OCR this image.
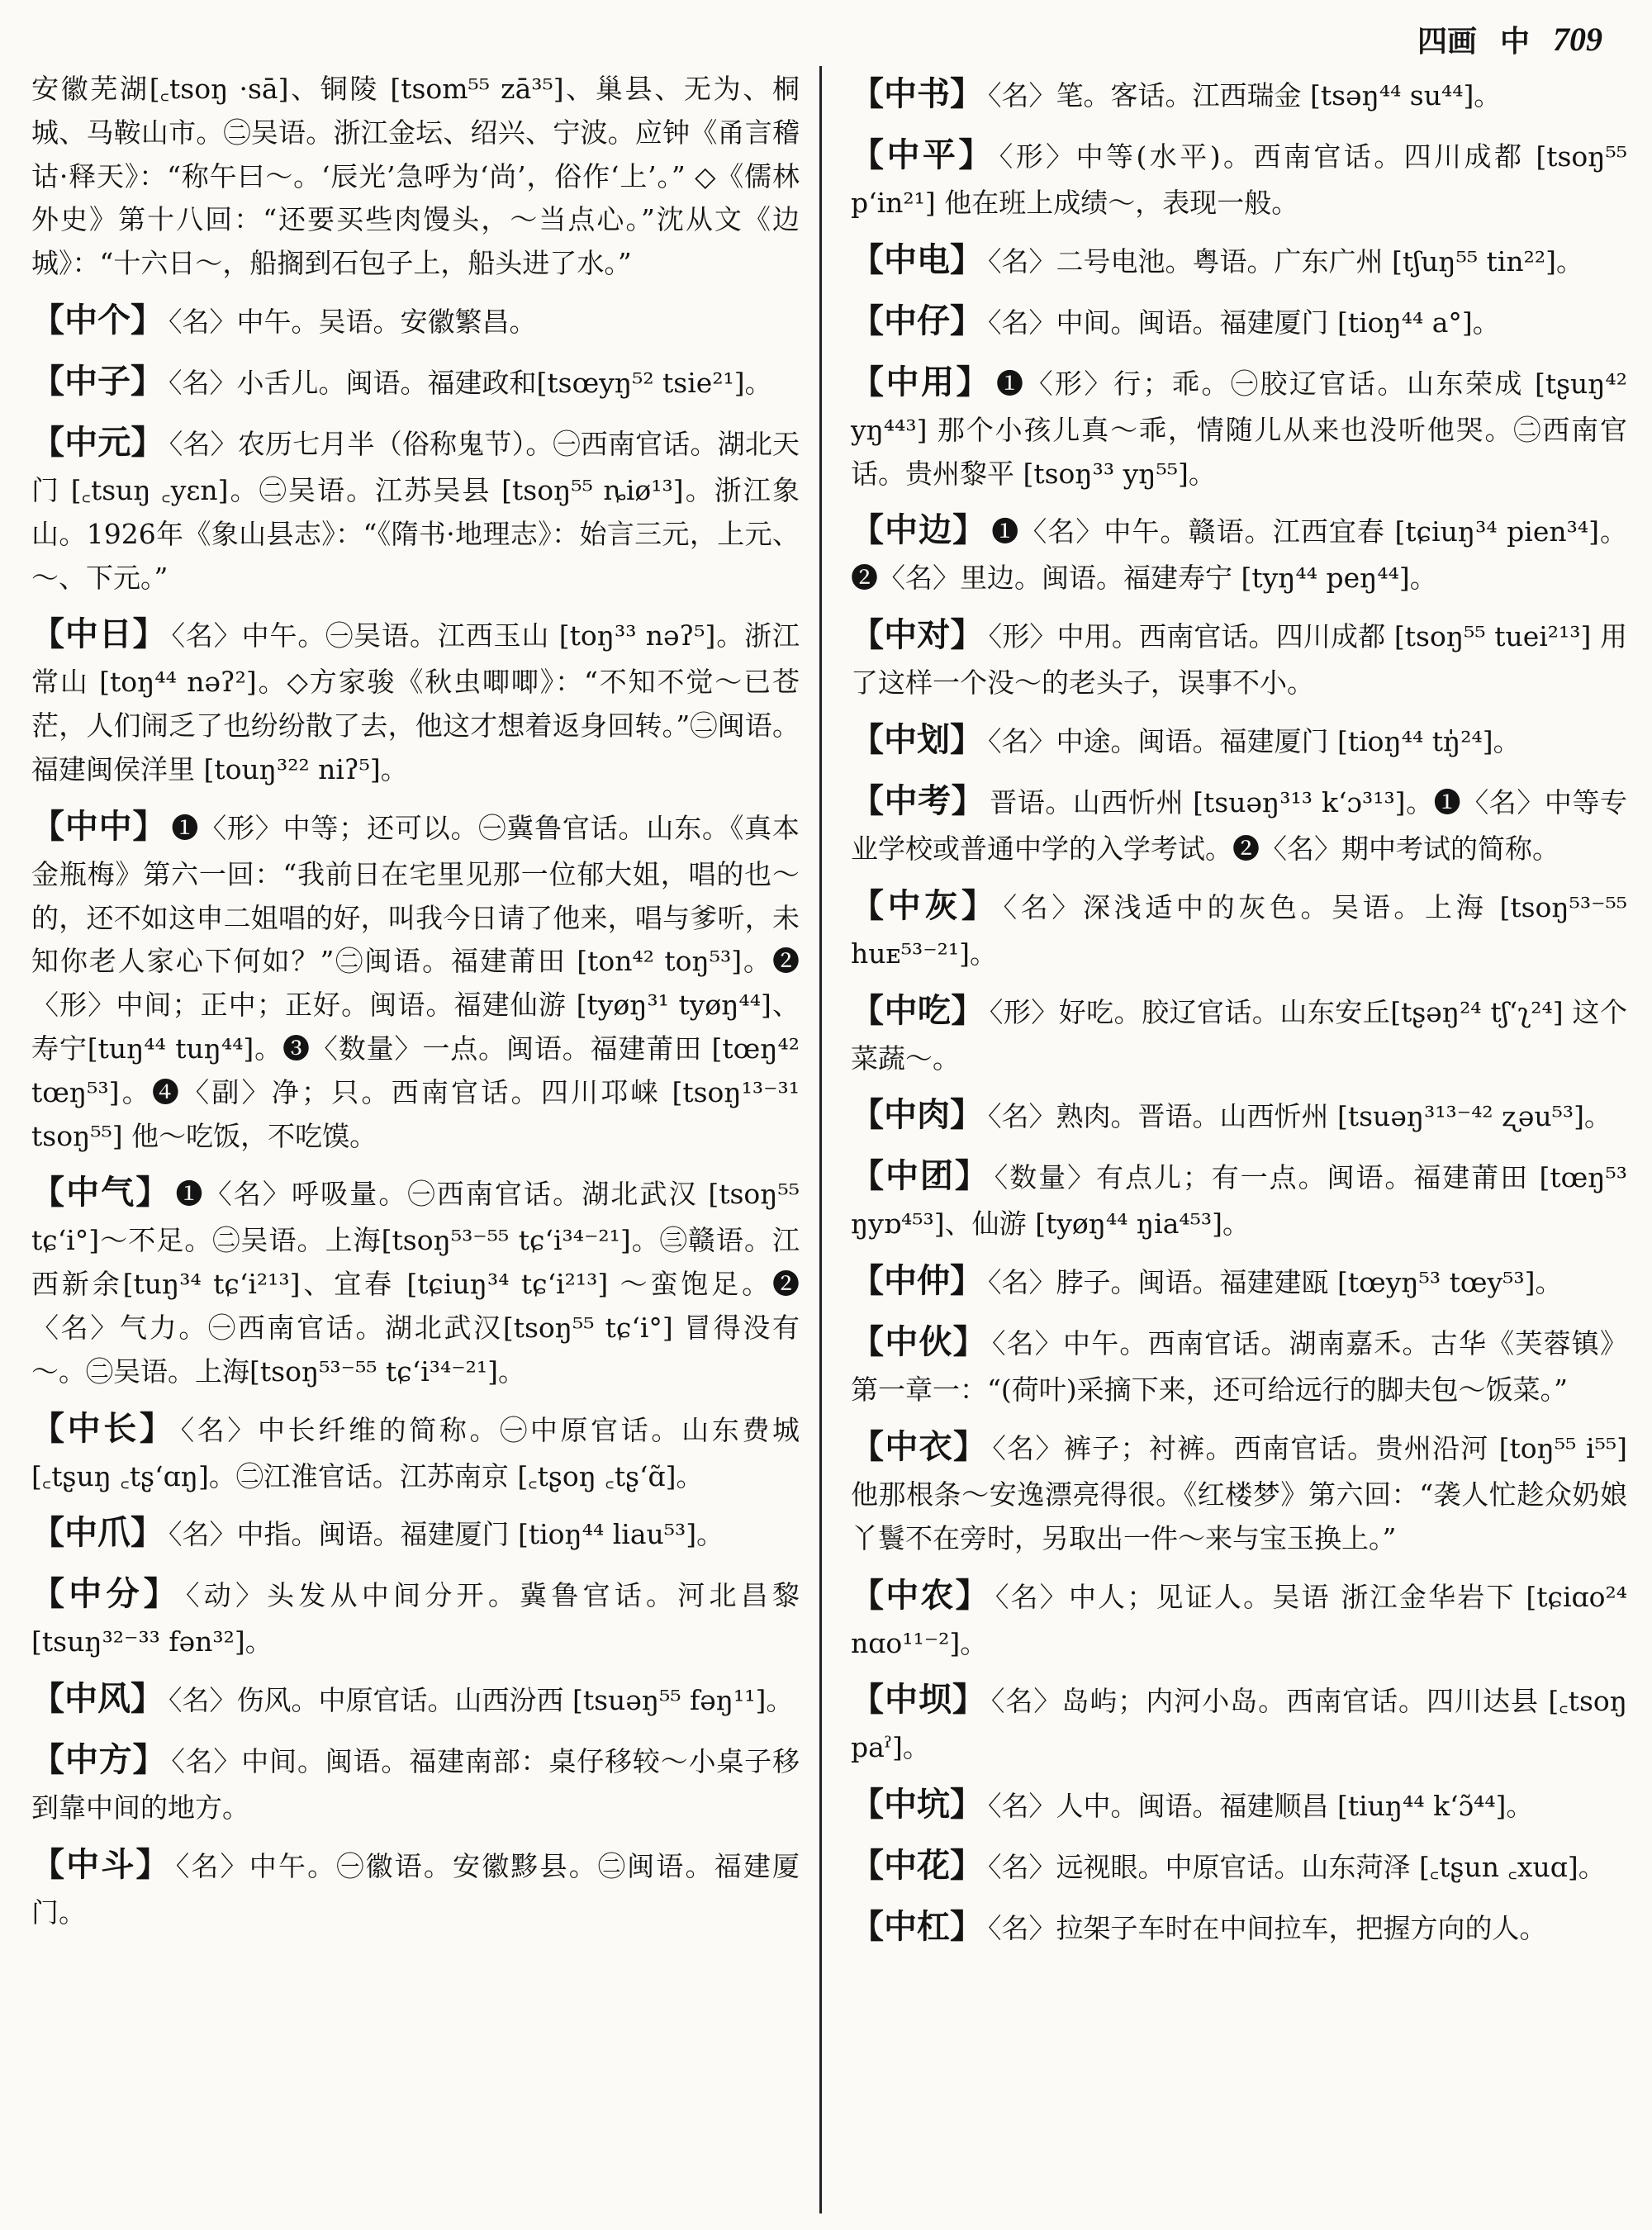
四画 中 709

安徽芜湖[꜀tsoŋ ·sā]、铜陵 [tsom⁵⁵ zā³⁵]、巢县、无为、桐城、马鞍山市。㊁吴语。浙江金坛、绍兴、宁波。应钟《甬言稽诂·释天》：“称午曰～。‘辰光’急呼为‘尚’，俗作‘上’。” ◇《儒林外史》第十八回：“还要买些肉馒头，～当点心。”沈从文《边城》：“十六日～，船搁到石包子上，船头进了水。”

【中个】 〈名〉中午。吴语。安徽繁昌。

【中子】 〈名〉小舌儿。闽语。福建政和[tsœyŋ⁵² tsie²¹]。

【中元】 〈名〉农历七月半（俗称鬼节）。㊀西南官话。湖北天门 [꜀tsuŋ ꜀yɛn]。㊁吴语。江苏吴县 [tsoŋ⁵⁵ ȵiø¹³]。浙江象山。1926年《象山县志》：“《隋书·地理志》：始言三元，上元、～、下元。”

【中日】 〈名〉中午。㊀吴语。江西玉山 [toŋ³³ nəʔ⁵]。浙江常山 [toŋ⁴⁴ nəʔ²]。◇方家骏《秋虫唧唧》：“不知不觉～已苍茫，人们闹乏了也纷纷散了去，他这才想着返身回转。”㊁闽语。福建闽侯洋里 [touŋ³²² niʔ⁵]。

【中中】 ❶〈形〉中等；还可以。㊀冀鲁官话。山东。《真本金瓶梅》第六一回：“我前日在宅里见那一位郁大姐，唱的也～的，还不如这申二姐唱的好，叫我今日请了他来，唱与爹听，未知你老人家心下何如？”㊁闽语。福建莆田 [ton⁴² toŋ⁵³]。❷〈形〉中间；正中；正好。闽语。福建仙游 [tyøŋ³¹ tyøŋ⁴⁴]、寿宁[tuŋ⁴⁴ tuŋ⁴⁴]。❸〈数量〉一点。闽语。福建莆田 [tœŋ⁴² tœŋ⁵³]。❹〈副〉净；只。西南官话。四川邛崃 [tsoŋ¹³⁻³¹ tsoŋ⁵⁵] 他～吃饭，不吃馍。

【中气】 ❶〈名〉呼吸量。㊀西南官话。湖北武汉 [tsoŋ⁵⁵ tɕʻi°]～不足。㊁吴语。上海[tsoŋ⁵³⁻⁵⁵ tɕʻi³⁴⁻²¹]。㊂赣语。江西新余[tuŋ³⁴ tɕʻi²¹³]、宜春 [tɕiuŋ³⁴ tɕʻi²¹³] ～蛮饱足。❷〈名〉气力。㊀西南官话。湖北武汉[tsoŋ⁵⁵ tɕʻi°] 冒得没有～。㊁吴语。上海[tsoŋ⁵³⁻⁵⁵ tɕʻi³⁴⁻²¹]。

【中长】 〈名〉中长纤维的简称。㊀中原官话。山东费城 [꜀tʂuŋ ꜀tʂʻɑŋ]。㊁江淮官话。江苏南京 [꜀tʂoŋ ꜀tʂʻɑ̃]。

【中爪】 〈名〉中指。闽语。福建厦门 [tioŋ⁴⁴ liau⁵³]。

【中分】 〈动〉头发从中间分开。冀鲁官话。河北昌黎 [tsuŋ³²⁻³³ fən³²]。

【中风】 〈名〉伤风。中原官话。山西汾西 [tsuəŋ⁵⁵ fəŋ¹¹]。

【中方】 〈名〉中间。闽语。福建南部：桌仔移较～小桌子移到靠中间的地方。

【中斗】 〈名〉中午。㊀徽语。安徽黟县。㊁闽语。福建厦门。

【中书】 〈名〉笔。客话。江西瑞金 [tsəŋ⁴⁴ su⁴⁴]。

【中平】 〈形〉中等(水平)。西南官话。四川成都 [tsoŋ⁵⁵ pʻin²¹] 他在班上成绩～，表现一般。

【中电】 〈名〉二号电池。粤语。广东广州 [tʃuŋ⁵⁵ tin²²]。

【中仔】 〈名〉中间。闽语。福建厦门 [tioŋ⁴⁴ a°]。

【中用】 ❶〈形〉行；乖。㊀胶辽官话。山东荣成 [tʂuŋ⁴² yŋ⁴⁴³] 那个小孩儿真～乖，情随儿从来也没听他哭。㊁西南官话。贵州黎平 [tsoŋ³³ yŋ⁵⁵]。

【中边】 ❶〈名〉中午。赣语。江西宜春 [tɕiuŋ³⁴ pien³⁴]。❷〈名〉里边。闽语。福建寿宁 [tyŋ⁴⁴ peŋ⁴⁴]。

【中对】 〈形〉中用。西南官话。四川成都 [tsoŋ⁵⁵ tuei²¹³] 用了这样一个没～的老头子，误事不小。

【中划】 〈名〉中途。闽语。福建厦门 [tioŋ⁴⁴ tŋ̍²⁴]。

【中考】 晋语。山西忻州 [tsuəŋ³¹³ kʻɔ³¹³]。❶〈名〉中等专业学校或普通中学的入学考试。❷〈名〉期中考试的简称。

【中灰】 〈名〉深浅适中的灰色。吴语。上海 [tsoŋ⁵³⁻⁵⁵ huᴇ⁵³⁻²¹]。

【中吃】 〈形〉好吃。胶辽官话。山东安丘[tʂəŋ²⁴ tʃʻʅ²⁴] 这个菜蔬～。

【中肉】 〈名〉熟肉。晋语。山西忻州 [tsuəŋ³¹³⁻⁴² ʐəu⁵³]。

【中团】 〈数量〉有点儿；有一点。闽语。福建莆田 [tœŋ⁵³ ŋyɒ⁴⁵³]、仙游 [tyøŋ⁴⁴ ŋia⁴⁵³]。

【中仲】 〈名〉脖子。闽语。福建建瓯 [tœyŋ⁵³ tœy⁵³]。

【中伙】 〈名〉中午。西南官话。湖南嘉禾。古华《芙蓉镇》第一章一：“(荷叶)采摘下来，还可给远行的脚夫包～饭菜。”

【中衣】 〈名〉裤子；衬裤。西南官话。贵州沿河 [toŋ⁵⁵ i⁵⁵] 他那根条～安逸漂亮得很。《红楼梦》第六回：“袭人忙趁众奶娘丫鬟不在旁时，另取出一件～来与宝玉换上。”

【中农】 〈名〉中人；见证人。吴语 浙江金华岩下 [tɕiɑo²⁴ nɑo¹¹⁻²]。

【中坝】 〈名〉岛屿；内河小岛。西南官话。四川达县 [꜀tsoŋ paˀ]。

【中坑】 〈名〉人中。闽语。福建顺昌 [tiuŋ⁴⁴ kʻɔ̃⁴⁴]。

【中花】 〈名〉远视眼。中原官话。山东菏泽 [꜀tʂun ꜀xuɑ]。

【中杠】 〈名〉拉架子车时在中间拉车，把握方向的人。
